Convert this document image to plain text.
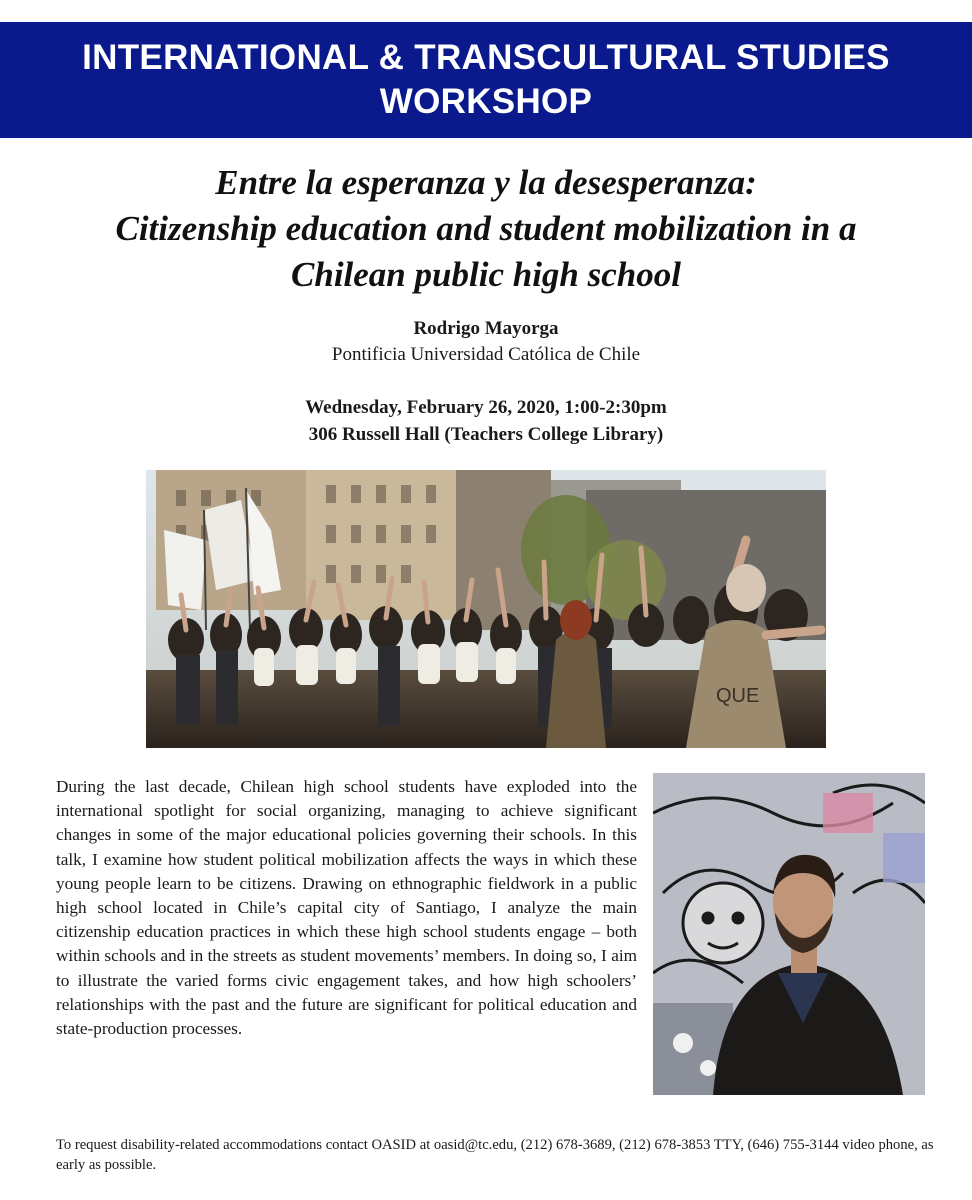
INTERNATIONAL & TRANSCULTURAL STUDIES
WORKSHOP
Entre la esperanza y la desesperanza:
Citizenship education and student mobilization in a
Chilean public high school
Rodrigo Mayorga
Pontificia Universidad Católica de Chile
Wednesday, February 26, 2020, 1:00-2:30pm
306 Russell Hall (Teachers College Library)
QUE
During the last decade, Chilean high school students have exploded into the international spotlight for social organizing, managing to achieve significant changes in some of the major educational policies governing their schools. In this talk, I examine how student political mobilization affects the ways in which these young people learn to be citizens. Drawing on ethnographic fieldwork in a public high school located in Chile’s capital city of Santiago, I analyze the main citizenship education practices in which these high school students engage – both within schools and in the streets as student movements’ members. In doing so, I aim to illustrate the varied forms civic engagement takes, and how high schoolers’ relationships with the past and the future are significant for political education and state-production processes.
To request disability-related accommodations contact OASID at oasid@tc.edu, (212) 678-3689, (212) 678-3853 TTY, (646) 755-3144 video phone, as early as possible.
